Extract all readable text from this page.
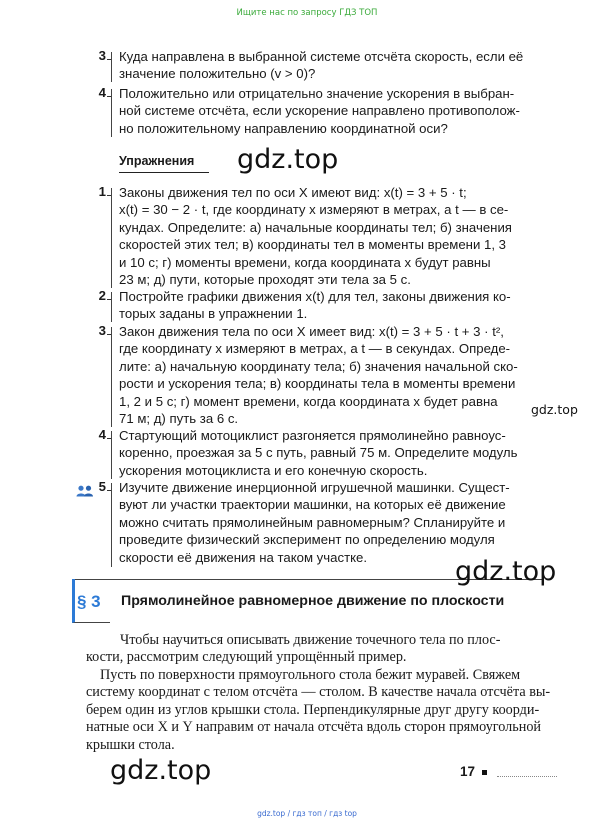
Ищите нас по запросу ГДЗ ТОП
3 Куда направлена в выбранной системе отсчёта скорость, если её
значение положительно (v > 0)?
4 Положительно или отрицательно значение ускорения в выбран-
ной системе отсчёта, если ускорение направлено противополож-
но положительному направлению координатной оси?
Упражнения
1 Законы движения тел по оси X имеют вид: x(t) = 3 + 5 · t;
x(t) = 30 − 2 · t, где координату x измеряют в метрах, а t — в се-
кундах. Определите: а) начальные координаты тел; б) значения
скоростей этих тел; в) координаты тел в моменты времени 1, 3
и 10 с; г) моменты времени, когда координата x будут равны
23 м; д) пути, которые проходят эти тела за 5 с.
2 Постройте графики движения x(t) для тел, законы движения ко-
торых заданы в упражнении 1.
3 Закон движения тела по оси X имеет вид: x(t) = 3 + 5 · t + 3 · t²,
где координату x измеряют в метрах, а t — в секундах. Опреде-
лите: а) начальную координату тела; б) значения начальной ско-
рости и ускорения тела; в) координаты тела в моменты времени
1, 2 и 5 с; г) момент времени, когда координата x будет равна
71 м; д) путь за 6 с.
4 Стартующий мотоциклист разгоняется прямолинейно равноус-
коренно, проезжая за 5 с путь, равный 75 м. Определите модуль
ускорения мотоциклиста и его конечную скорость.
5 Изучите движение инерционной игрушечной машинки. Сущест-
вуют ли участки траектории машинки, на которых её движение
можно считать прямолинейным равномерным? Спланируйте и
проведите физический эксперимент по определению модуля
скорости её движения на таком участке.
§ 3 Прямолинейное равномерное движение по плоскости
Чтобы научиться описывать движение точечного тела по плос-
кости, рассмотрим следующий упрощённый пример.
Пусть по поверхности прямоугольного стола бежит муравей. Свяжем
систему координат с телом отсчёта — столом. В качестве начала отсчёта вы-
берем один из углов крышки стола. Перпендикулярные друг другу коорди-
натные оси X и Y направим от начала отсчёта вдоль сторон прямоугольной
крышки стола.
17
gdz.top
gdz.top
gdz.top
gdz.top
gdz.top / гдз топ / гдз top
